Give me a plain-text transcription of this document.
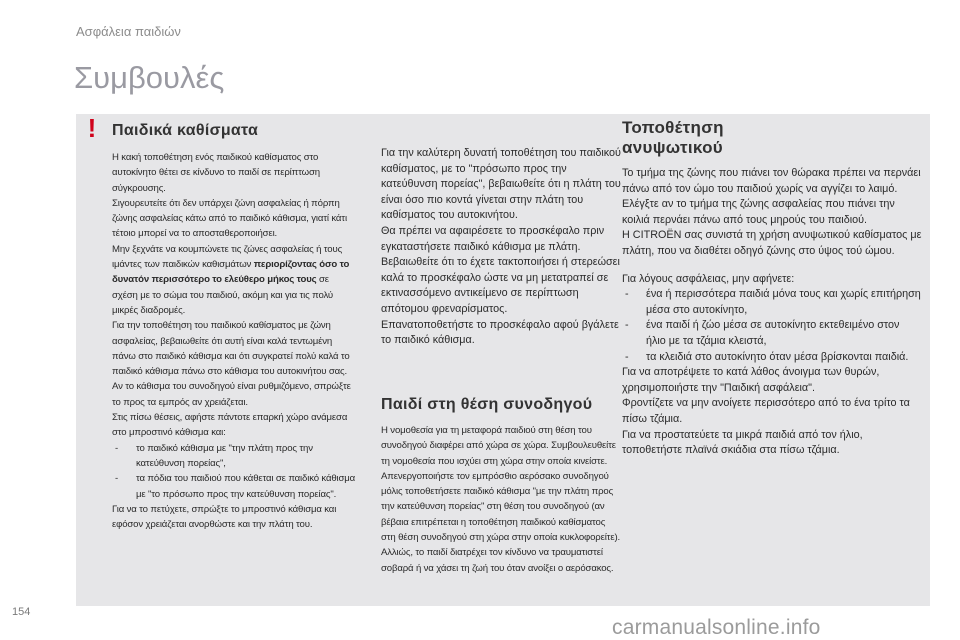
Ασφάλεια παιδιών
Συμβουλές
! Παιδικά καθίσματα

Η κακή τοποθέτηση ενός παιδικού καθίσματος στο αυτοκίνητο θέτει σε κίνδυνο το παιδί σε περίπτωση σύγκρουσης.

Σιγουρευτείτε ότι δεν υπάρχει ζώνη ασφαλείας ή πόρπη ζώνης ασφαλείας κάτω από το παιδικό κάθισμα, γιατί κάτι τέτοιο μπορεί να το αποσταθεροποιήσει.

Μην ξεχνάτε να κουμπώνετε τις ζώνες ασφαλείας ή τους ιμάντες των παιδικών καθισμάτων περιορίζοντας όσο το δυνατόν περισσότερο το ελεύθερο μήκος τους σε σχέση με το σώμα του παιδιού, ακόμη και για τις πολύ μικρές διαδρομές.

Για την τοποθέτηση του παιδικού καθίσματος με ζώνη ασφαλείας, βεβαιωθείτε ότι αυτή είναι καλά τεντωμένη πάνω στο παιδικό κάθισμα και ότι συγκρατεί πολύ καλά το παιδικό κάθισμα πάνω στο κάθισμα του αυτοκινήτου σας. Αν το κάθισμα του συνοδηγού είναι ρυθμιζόμενο, σπρώξτε το προς τα εμπρός αν χρειάζεται.

Στις πίσω θέσεις, αφήστε πάντοτε επαρκή χώρο ανάμεσα στο μπροστινό κάθισμα και:

- το παιδικό κάθισμα με "την πλάτη προς την κατεύθυνση πορείας",
- τα πόδια του παιδιού που κάθεται σε παιδικό κάθισμα με "το πρόσωπο προς την κατεύθυνση πορείας".

Για να το πετύχετε, σπρώξτε το μπροστινό κάθισμα και εφόσον χρειάζεται ανορθώστε και την πλάτη του.

Για την καλύτερη δυνατή τοποθέτηση του παιδικού καθίσματος, με το "πρόσωπο προς την κατεύθυνση πορείας", βεβαιωθείτε ότι η πλάτη του είναι όσο πιο κοντά γίνεται στην πλάτη του καθίσματος του αυτοκινήτου.

Θα πρέπει να αφαιρέσετε το προσκέφαλο πριν εγκαταστήσετε παιδικό κάθισμα με πλάτη.

Βεβαιωθείτε ότι το έχετε τακτοποιήσει ή στερεώσει καλά το προσκέφαλο ώστε να μη μετατραπεί σε εκτινασσόμενο αντικείμενο σε περίπτωση απότομου φρεναρίσματος.

Επανατοποθετήστε το προσκέφαλο αφού βγάλετε το παιδικό κάθισμα.

Παιδί στη θέση συνοδηγού

Η νομοθεσία για τη μεταφορά παιδιού στη θέση του συνοδηγού διαφέρει από χώρα σε χώρα. Συμβουλευθείτε τη νομοθεσία που ισχύει στη χώρα στην οποία κινείστε.

Απενεργοποιήστε τον εμπρόσθιο αερόσακο συνοδηγού μόλις τοποθετήσετε παιδικό κάθισμα "με την πλάτη προς την κατεύθυνση πορείας" στη θέση του συνοδηγού (αν βέβαια επιτρέπεται η τοποθέτηση παιδικού καθίσματος στη θέση συνοδηγού στη χώρα στην οποία κυκλοφορείτε). Αλλιώς, το παιδί διατρέχει τον κίνδυνο να τραυματιστεί σοβαρά ή να χάσει τη ζωή του όταν ανοίξει ο αερόσακος.

Τοποθέτηση
ανυψωτικού

Το τμήμα της ζώνης που πιάνει τον θώρακα πρέπει να περνάει πάνω από τον ώμο του παιδιού χωρίς να αγγίζει το λαιμό.

Ελέγξτε αν το τμήμα της ζώνης ασφαλείας που πιάνει την κοιλιά περνάει πάνω από τους μηρούς του παιδιού.

Η CITROËN σας συνιστά τη χρήση ανυψωτικού καθίσματος με πλάτη, που να διαθέτει οδηγό ζώνης στο ύψος τού ώμου.

Για λόγους ασφάλειας, μην αφήνετε:

- ένα ή περισσότερα παιδιά μόνα τους και χωρίς επιτήρηση μέσα στο αυτοκίνητο,
- ένα παιδί ή ζώο μέσα σε αυτοκίνητο εκτεθειμένο στον ήλιο με τα τζάμια κλειστά,
- τα κλειδιά στο αυτοκίνητο όταν μέσα βρίσκονται παιδιά.

Για να αποτρέψετε το κατά λάθος άνοιγμα των θυρών, χρησιμοποιήστε την "Παιδική ασφάλεια".

Φροντίζετε να μην ανοίγετε περισσότερο από το ένα τρίτο τα πίσω τζάμια.

Για να προστατεύετε τα μικρά παιδιά από τον ήλιο, τοποθετήστε πλαϊνά σκιάδια στα πίσω τζάμια.

154
carmanualsonline.info
